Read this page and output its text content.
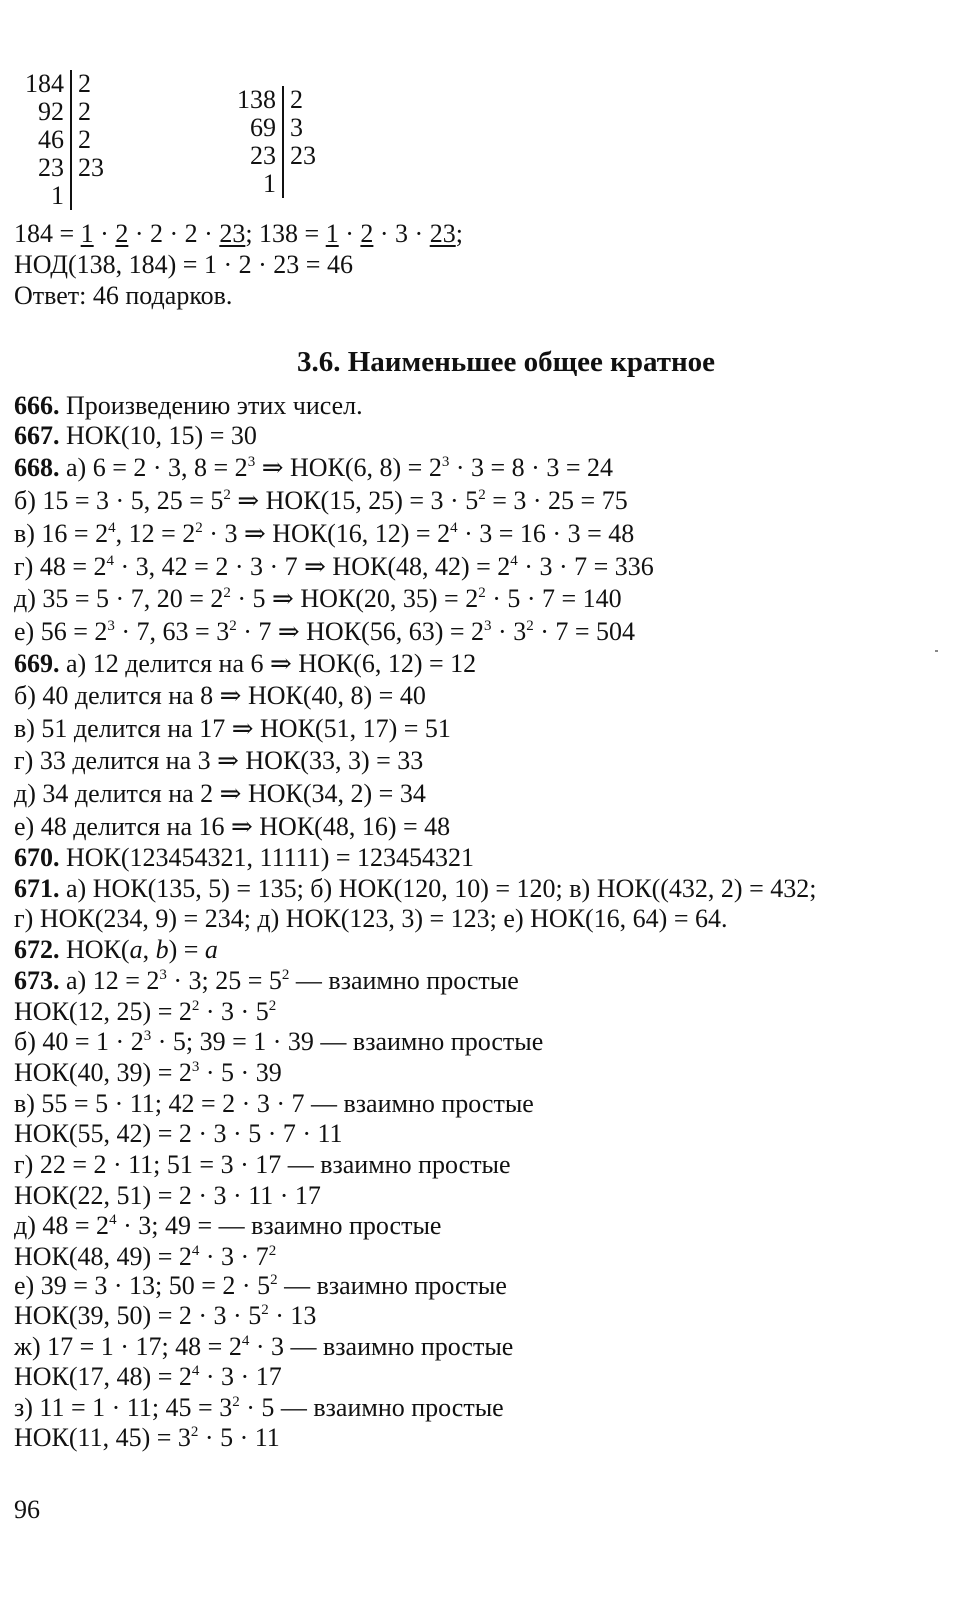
184 2
92 2
46 2
23 23
1
138 2
69 3
23 23
1
184 = 1 · 2 · 2 · 2 · 23; 138 = 1 · 2 · 3 · 23;
НОД(138, 184) = 1 · 2 · 23 = 46
Ответ: 46 подарков.
3.6. Наименьшее общее кратное
666. Произведению этих чисел.
667. НОК(10, 15) = 30
668. а) 6 = 2 · 3, $8 = 2^3$ ⇒ НОК(6, $8) = 2^3 \cdot 3 = 8 \cdot 3 = 24$
б) 15 = 3 · 5, $25 = 5^2$ ⇒ НОК(15, $25) = 3 \cdot 5^2 = 3 \cdot 25 = 75$
в) $16 = 2^4$, $12 = 2^2 \cdot 3$ ⇒ НОК(16, $12) = 2^4 \cdot 3 = 16 \cdot 3 = 48$
г) $48 = 2^4 \cdot 3$, 42 = 2 · 3 · 7 ⇒ НОК(48, $42) = 2^4 \cdot 3 \cdot 7 = 336$
д) 35 = 5 · 7, $20 = 2^2 \cdot 5$ ⇒ НОК(20, $35) = 2^2 \cdot 5 \cdot 7 = 140$
е) $56 = 2^3 \cdot 7$, $63 = 3^2 \cdot 7$ ⇒ НОК(56, $63) = 2^3 \cdot 3^2 \cdot 7 = 504$
669. а) 12 делится на 6 ⇒ НОК(6, 12) = 12
б) 40 делится на 8 ⇒ НОК(40, 8) = 40
в) 51 делится на 17 ⇒ НОК(51, 17) = 51
г) 33 делится на 3 ⇒ НОК(33, 3) = 33
д) 34 делится на 2 ⇒ НОК(34, 2) = 34
е) 48 делится на 16 ⇒ НОК(48, 16) = 48
670. НОК(123454321, 11111) = 123454321
671. а) НОК(135, 5) = 135; б) НОК(120, 10) = 120; в) НОК((432, 2) = 432;
г) НОК(234, 9) = 234; д) НОК(123, 3) = 123; е) НОК(16, 64) = 64.
672. НОК(a, b) = a
673. а) $12 = 2^3 \cdot 3$; $25 = 5^2$ — взаимно простые
НОК(12, $25) = 2^2 \cdot 3 \cdot 5^2$
б) $40 = 1 \cdot 2^3 \cdot 5$; 39 = 1 · 39 — взаимно простые
НОК(40, $39) = 2^3 \cdot 5 \cdot 39$
в) 55 = 5 · 11; 42 = 2 · 3 · 7 — взаимно простые
НОК(55, 42) = 2 · 3 · 5 · 7 · 11
г) 22 = 2 · 11; 51 = 3 · 17 — взаимно простые
НОК(22, 51) = 2 · 3 · 11 · 17
д) $48 = 2^4 \cdot 3$; 49 = — взаимно простые
НОК(48, $49) = 2^4 \cdot 3 \cdot 7^2$
е) 39 = 3 · 13; $50 = 2 \cdot 5^2$ — взаимно простые
НОК(39, $50) = 2 \cdot 3 \cdot 5^2 \cdot 13$
ж) 17 = 1 · 17; $48 = 2^4 \cdot 3$ — взаимно простые
НОК(17, $48) = 2^4 \cdot 3 \cdot 17$
з) 11 = 1 · 11; $45 = 3^2 \cdot 5$ — взаимно простые
НОК(11, $45) = 3^2 \cdot 5 \cdot 11$
96
